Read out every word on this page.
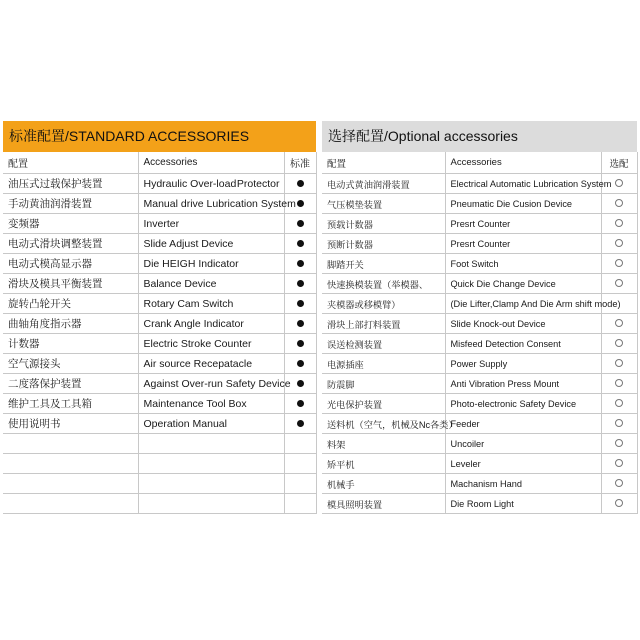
标准配置/STANDARD ACCESSORIES
配置	Accessories	标准
油压式过载保护装置	Hydraulic Over-load Protector	

手动黄油润滑装置	Manual drive Lubrication System	
变频器	Inverter	
电动式滑块调整装置	Slide Adjust Device	
电动式模高显示器	Die HEIGH Indicator	
滑块及模具平衡装置	Balance Device	
旋转凸轮开关	Rotary Cam Switch	
曲轴角度指示器	Crank Angle Indicator	
计数器	Electric Stroke Counter	
空气源接头	Air source Recepatacle	
二度落保护装置	Against Over-run Safety Device	
维护工具及工具箱	Maintenance Tool Box	
使用说明书	Operation Manual	

选择配置/Optional accessories
配置	Accessories	选配
电动式黄油润滑装置	Electrical Automatic Lubrication System	
气压模垫装置	Pneumatic Die Cusion Device	
预载计数器	Presrt Counter	
预断计数器	Presrt Counter	
脚踏开关	Foot Switch	
快速换模装置（举模器、	Quick Die Change Device	
夹模器或移模臂）	(Die Lifter,Clamp And Die Arm shift mode)	
滑块上部打料装置	Slide Knock-out Device	
误送检测装置	Misfeed Detection Consent	
电源插座	Power Supply	
防震脚	Anti Vibration Press Mount	
光电保护装置	Photo-electronic Safety Device	
送料机（空气，机械及Nc各类）	Feeder	
料架	Uncoiler	
矫平机	Leveler	
机械手	Machanism Hand	
模具照明装置	Die Room Light	
